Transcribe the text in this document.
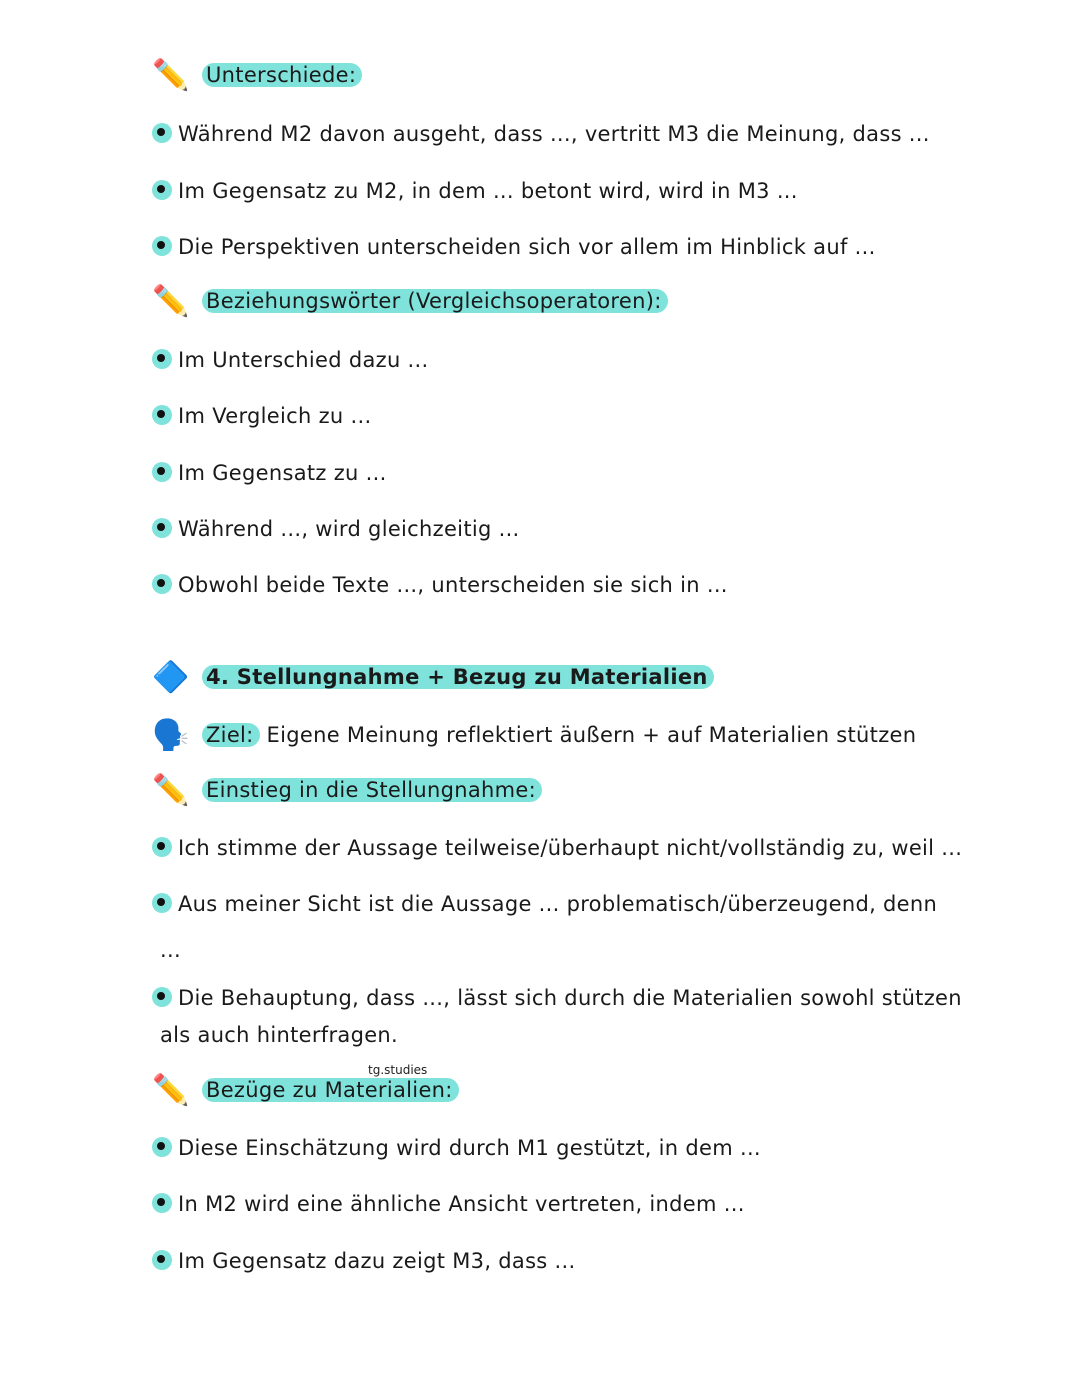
✏️ Unterschiede:
Während M2 davon ausgeht, dass ..., vertritt M3 die Meinung, dass ...
Im Gegensatz zu M2, in dem ... betont wird, wird in M3 ...
Die Perspektiven unterscheiden sich vor allem im Hinblick auf ...
✏️ Beziehungswörter (Vergleichsoperatoren):
Im Unterschied dazu ...
Im Vergleich zu ...
Im Gegensatz zu ...
Während ..., wird gleichzeitig ...
Obwohl beide Texte ..., unterscheiden sie sich in ...
🔷 4. Stellungnahme + Bezug zu Materialien
🗣️ Ziel: Eigene Meinung reflektiert äußern + auf Materialien stützen
✏️ Einstieg in die Stellungnahme:
Ich stimme der Aussage teilweise/überhaupt nicht/vollständig zu, weil ...
Aus meiner Sicht ist die Aussage ... problematisch/überzeugend, denn
...
Die Behauptung, dass ..., lässt sich durch die Materialien sowohl stützen
als auch hinterfragen.
tg.studies
✏️ Bezüge zu Materialien:
Diese Einschätzung wird durch M1 gestützt, in dem ...
In M2 wird eine ähnliche Ansicht vertreten, indem ...
Im Gegensatz dazu zeigt M3, dass ...
